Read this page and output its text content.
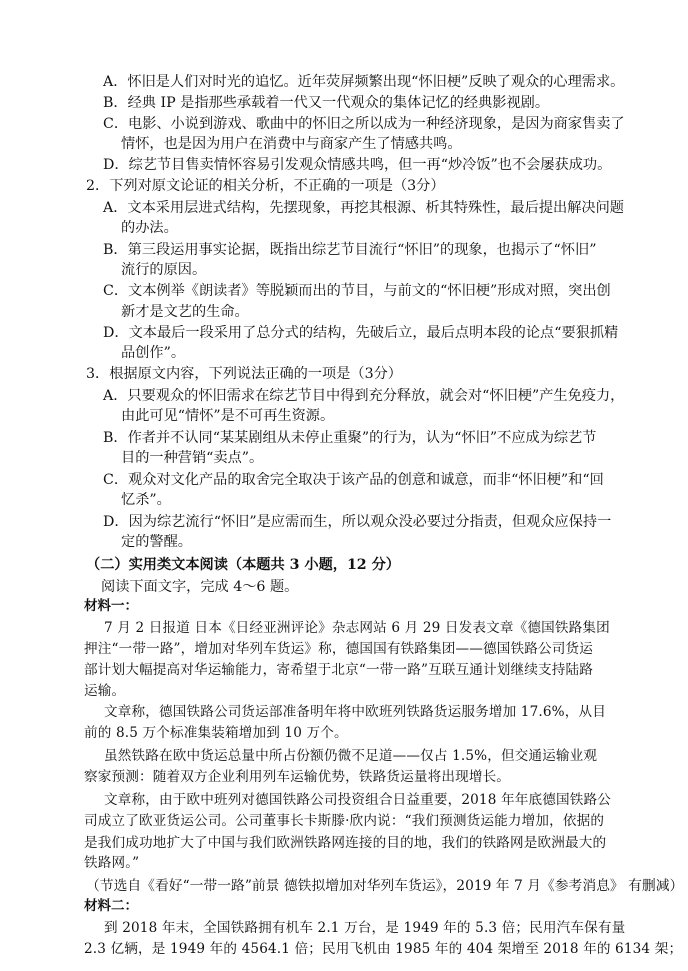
A．怀旧是人们对时光的追忆。近年荧屏频繁出现“怀旧梗”反映了观众的心理需求。
B．经典 IP 是指那些承载着一代又一代观众的集体记忆的经典影视剧。
C．电影、小说到游戏、歌曲中的怀旧之所以成为一种经济现象，是因为商家售卖了
情怀，也是因为用户在消费中与商家产生了情感共鸣。
D．综艺节目售卖情怀容易引发观众情感共鸣，但一再“炒冷饭”也不会屡获成功。
2．下列对原文论证的相关分析，不正确的一项是（3分）
A．文本采用层进式结构，先摆现象，再挖其根源、析其特殊性，最后提出解决问题
的办法。
B．第三段运用事实论据，既指出综艺节目流行“怀旧”的现象，也揭示了“怀旧”
流行的原因。
C．文本例举《朗读者》等脱颖而出的节目，与前文的“怀旧梗”形成对照，突出创
新才是文艺的生命。
D．文本最后一段采用了总分式的结构，先破后立，最后点明本段的论点“要狠抓精
品创作”。
3．根据原文内容，下列说法正确的一项是（3分）
A．只要观众的怀旧需求在综艺节目中得到充分释放，就会对“怀旧梗”产生免疫力，
由此可见“情怀”是不可再生资源。
B．作者并不认同“某某剧组从未停止重聚”的行为，认为“怀旧”不应成为综艺节
目的一种营销“卖点”。
C．观众对文化产品的取舍完全取决于该产品的创意和诚意，而非“怀旧梗”和“回
忆杀”。
D．因为综艺流行“怀旧”是应需而生，所以观众没必要过分指责，但观众应保持一
定的警醒。
（二）实用类文本阅读（本题共 3 小题，12 分）
阅读下面文字，完成 4～6 题。
材料一：
7 月 2 日报道 日本《日经亚洲评论》杂志网站 6 月 29 日发表文章《德国铁路集团
押注“一带一路”，增加对华列车货运》称，德国国有铁路集团——德国铁路公司货运
部计划大幅提高对华运输能力，寄希望于北京“一带一路”互联互通计划继续支持陆路
运输。
文章称，德国铁路公司货运部准备明年将中欧班列铁路货运服务增加 17.6%，从目
前的 8.5 万个标准集装箱增加到 10 万个。
虽然铁路在欧中货运总量中所占份额仍微不足道——仅占 1.5%，但交通运输业观
察家预测：随着双方企业利用列车运输优势，铁路货运量将出现增长。
文章称，由于欧中班列对德国铁路公司投资组合日益重要，2018 年年底德国铁路公
司成立了欧亚货运公司。公司董事长卡斯滕·欣内说：“我们预测货运能力增加，依据的
是我们成功地扩大了中国与我们欧洲铁路网连接的目的地，我们的铁路网是欧洲最大的
铁路网。”
（节选自《看好“一带一路”前景 德铁拟增加对华列车货运》，2019 年 7 月《参考消息》 有删减）
材料二：
到 2018 年末，全国铁路拥有机车 2.1 万台，是 1949 年的 5.3 倍；民用汽车保有量
2.3 亿辆，是 1949 年的 4564.1 倍；民用飞机由 1985 年的 404 架增至 2018 年的 6134 架；
